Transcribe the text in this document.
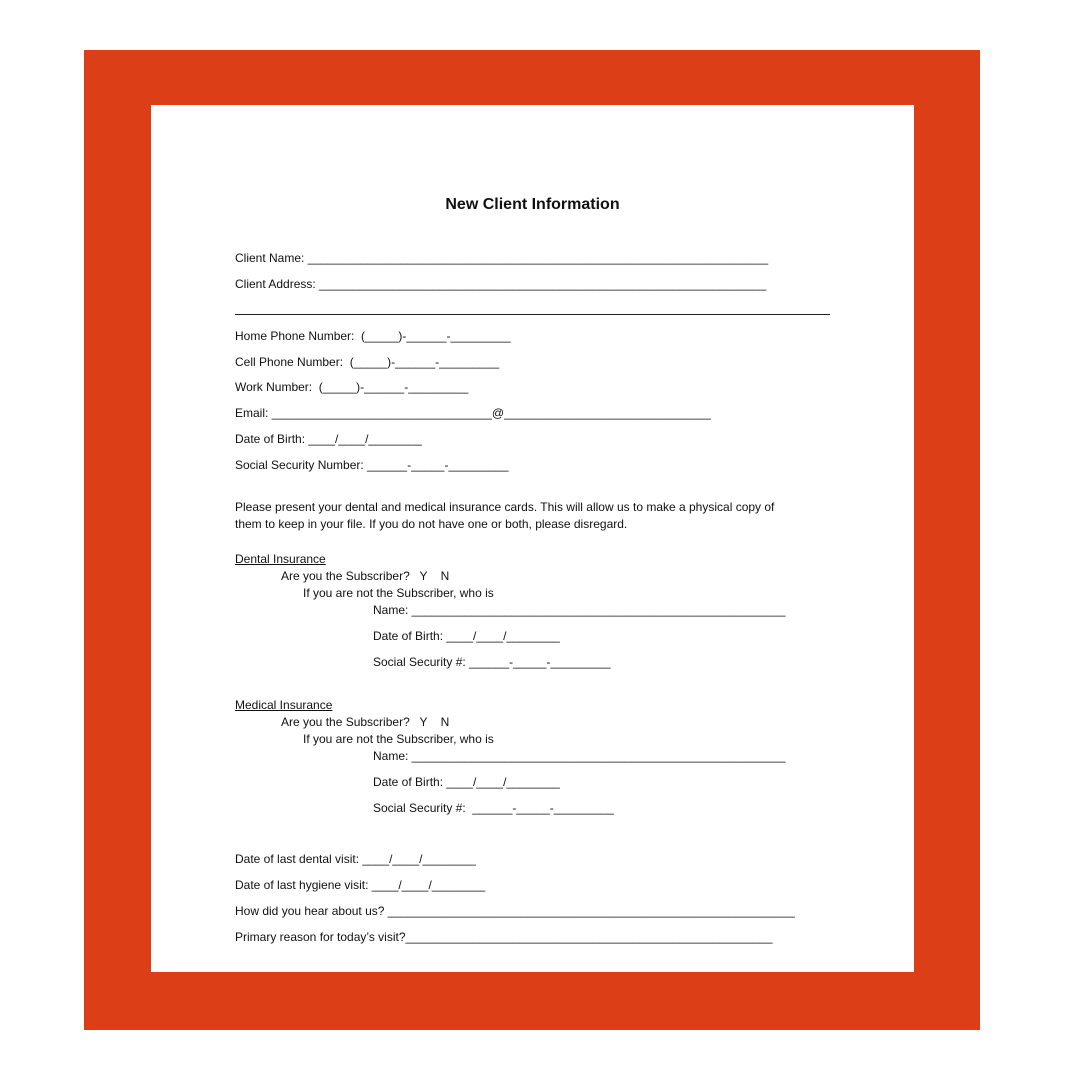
New Client Information
Client Name: _____________________________________________________________________
Client Address: ___________________________________________________________________
Home Phone Number:  (_____)-______-_________
Cell Phone Number:  (_____)-______-_________
Work Number:  (_____)-______-_________
Email: _________________________________@_______________________________
Date of Birth: ____/____/________
Social Security Number: ______-_____-_________
Please present your dental and medical insurance cards. This will allow us to make a physical copy of
them to keep in your file. If you do not have one or both, please disregard.
Dental Insurance
Are you the Subscriber?   Y    N
If you are not the Subscriber, who is
Name: ________________________________________________________
Date of Birth: ____/____/________
Social Security #: ______-_____-_________
Medical Insurance
Are you the Subscriber?   Y    N
If you are not the Subscriber, who is
Name: ________________________________________________________
Date of Birth: ____/____/________
Social Security #:  ______-_____-_________
Date of last dental visit: ____/____/________
Date of last hygiene visit: ____/____/________
How did you hear about us? _____________________________________________________________
Primary reason for today’s visit?_______________________________________________________
